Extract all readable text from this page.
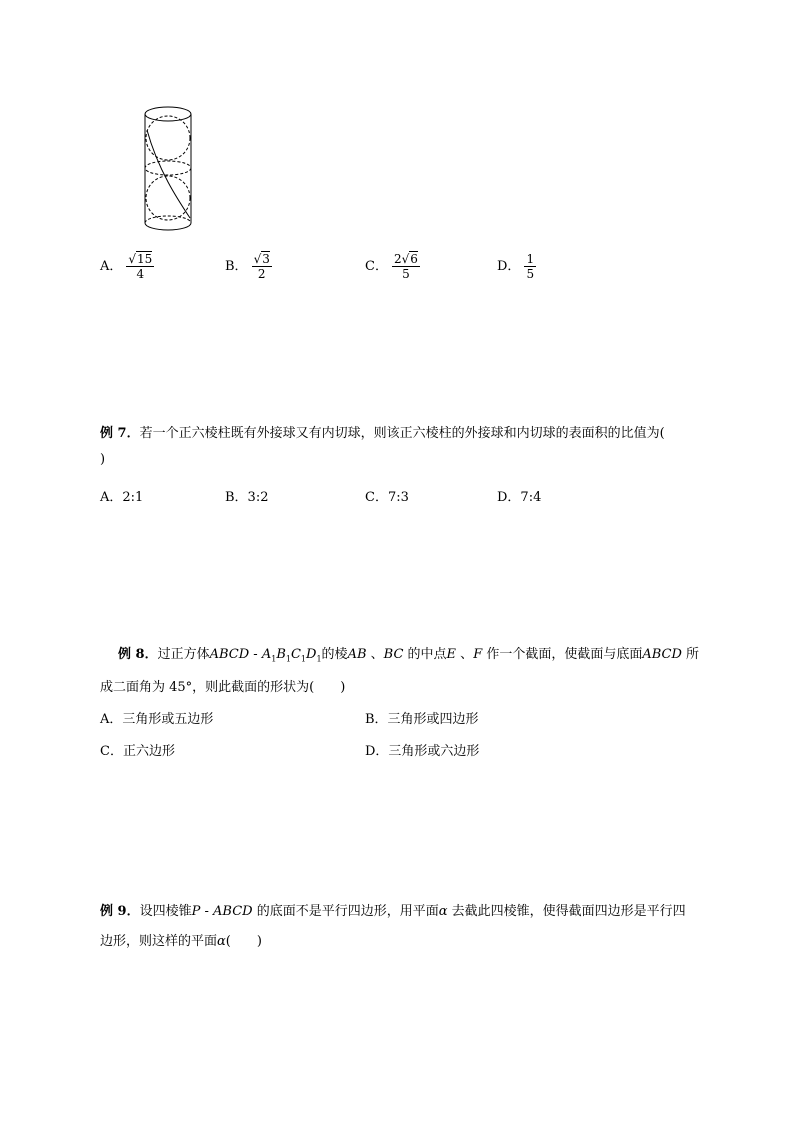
A． $\frac{√15}{4}$	B． $\frac{√3}{2}$	C． $\frac{2√6}{5}$	D． $\frac{1}{5}$
例 7．若一个正六棱柱既有外接球又有内切球，则该正六棱柱的外接球和内切球的表面积的比值为(
)
A．2:1	B．3:2	C．7:3	D．7:4
例 8．过正方体ABCD - $A_1B_1C_1D_1$的棱AB 、BC 的中点E 、F 作一个截面，使截面与底面ABCD 所
成二面角为 45°，则此截面的形状为(　　)
A．三角形或五边形	B．三角形或四边形
C．正六边形	D．三角形或六边形
例 9．设四棱锥P - ABCD 的底面不是平行四边形，用平面α 去截此四棱锥，使得截面四边形是平行四
边形，则这样的平面α(　　)
